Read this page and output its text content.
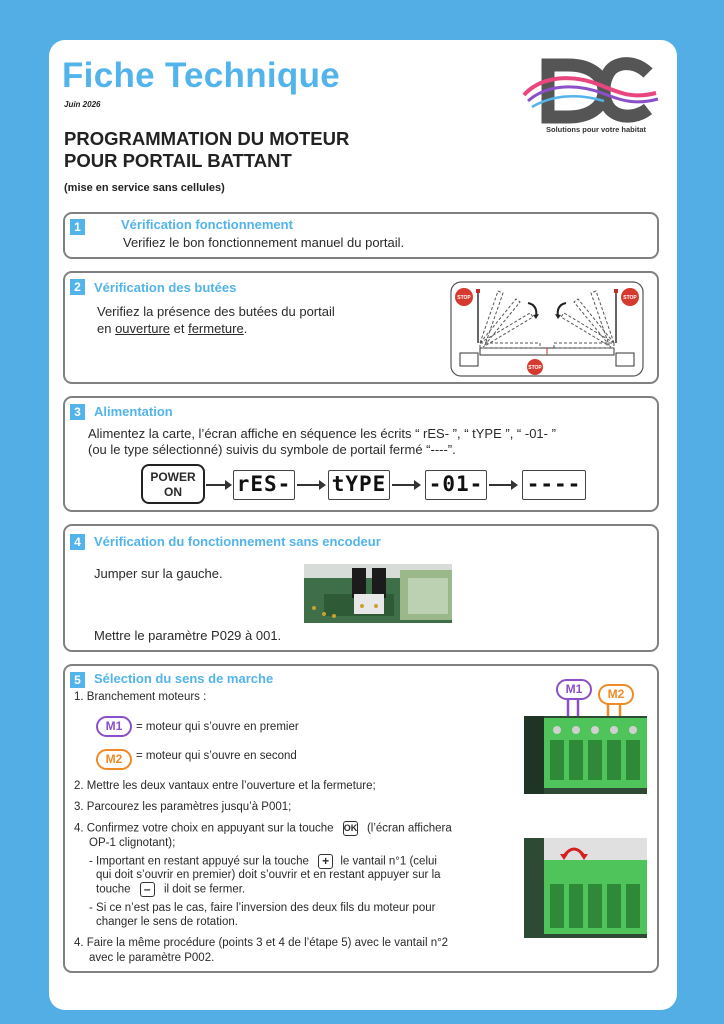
Fiche Technique
Juin 2026
PROGRAMMATION DU MOTEUR
POUR PORTAIL BATTANT
(mise en service sans cellules)
Solutions pour votre habitat
1	Vérification fonctionnement
Verifiez le bon fonctionnement manuel du portail.
2	Vérification des butées
Verifiez la présence des butées du portail
en ouverture et fermeture.
STOP	STOP
STOP
3	Alimentation
Alimentez la carte, l’écran affiche en séquence les écrits “ rES- ”, “ tYPE ”, “ -01- ”
(ou le type sélectionné) suivis du symbole de portail fermé “----”.
POWER
ON	rES- tYPE -01- ----
4	Vérification du fonctionnement sans encodeur
Jumper sur la gauche.
Mettre le paramètre P029 à 001.
5	Sélection du sens de marche
1. Branchement moteurs :
M1	= moteur qui s’ouvre en premier
M2	= moteur qui s’ouvre en second
2. Mettre les deux vantaux entre l’ouverture et la fermeture;
3. Parcourez les paramètres jusqu’à P001;
4. Confirmez votre choix en appuyant sur la touche OK (l’écran affichera
OP-1 clignotant);
- Important en restant appuyé sur la touche + le vantail n°1 (celui
qui doit s’ouvrir en premier) doit s’ouvrir et en restant appuyer sur la
touche – il doit se fermer.
- Si ce n’est pas le cas, faire l’inversion des deux fils du moteur pour
changer le sens de rotation.
4. Faire la même procédure (points 3 et 4 de l’étape 5) avec le vantail n°2
avec le paramètre P002.
M1	M2
